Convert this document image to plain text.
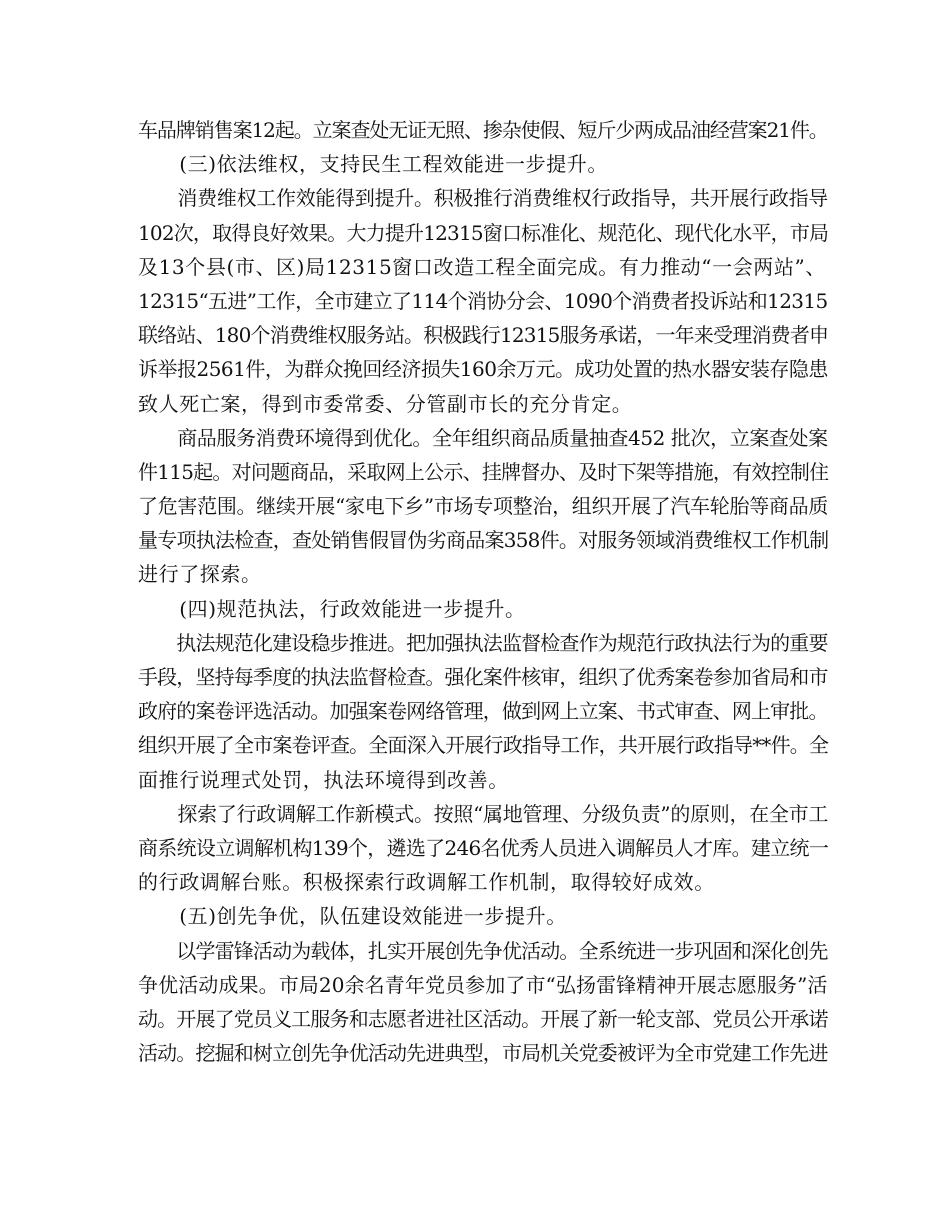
车品牌销售案12起。立案查处无证无照、掺杂使假、短斤少两成品油经营案21件。
　　(三)依法维权，支持民生工程效能进一步提升。
　　消费维权工作效能得到提升。积极推行消费维权行政指导，共开展行政指导
102次，取得良好效果。大力提升12315窗口标准化、规范化、现代化水平，市局
及13个县(市、区)局12315窗口改造工程全面完成。有力推动“一会两站”、
12315“五进”工作，全市建立了114个消协分会、1090个消费者投诉站和12315
联络站、180个消费维权服务站。积极践行12315服务承诺，一年来受理消费者申
诉举报2561件，为群众挽回经济损失160余万元。成功处置的热水器安装存隐患
致人死亡案，得到市委常委、分管副市长的充分肯定。
　　商品服务消费环境得到优化。全年组织商品质量抽查452 批次，立案查处案
件115起。对问题商品，采取网上公示、挂牌督办、及时下架等措施，有效控制住
了危害范围。继续开展“家电下乡”市场专项整治，组织开展了汽车轮胎等商品质
量专项执法检查，查处销售假冒伪劣商品案358件。对服务领域消费维权工作机制
进行了探索。
　　(四)规范执法，行政效能进一步提升。
　　执法规范化建设稳步推进。把加强执法监督检查作为规范行政执法行为的重要
手段，坚持每季度的执法监督检查。强化案件核审，组织了优秀案卷参加省局和市
政府的案卷评选活动。加强案卷网络管理，做到网上立案、书式审查、网上审批。
组织开展了全市案卷评查。全面深入开展行政指导工作，共开展行政指导**件。全
面推行说理式处罚，执法环境得到改善。
　　探索了行政调解工作新模式。按照“属地管理、分级负责”的原则，在全市工
商系统设立调解机构139个，遴选了246名优秀人员进入调解员人才库。建立统一
的行政调解台账。积极探索行政调解工作机制，取得较好成效。
　　(五)创先争优，队伍建设效能进一步提升。
　　以学雷锋活动为载体，扎实开展创先争优活动。全系统进一步巩固和深化创先
争优活动成果。市局20余名青年党员参加了市“弘扬雷锋精神开展志愿服务”活
动。开展了党员义工服务和志愿者进社区活动。开展了新一轮支部、党员公开承诺
活动。挖掘和树立创先争优活动先进典型，市局机关党委被评为全市党建工作先进
